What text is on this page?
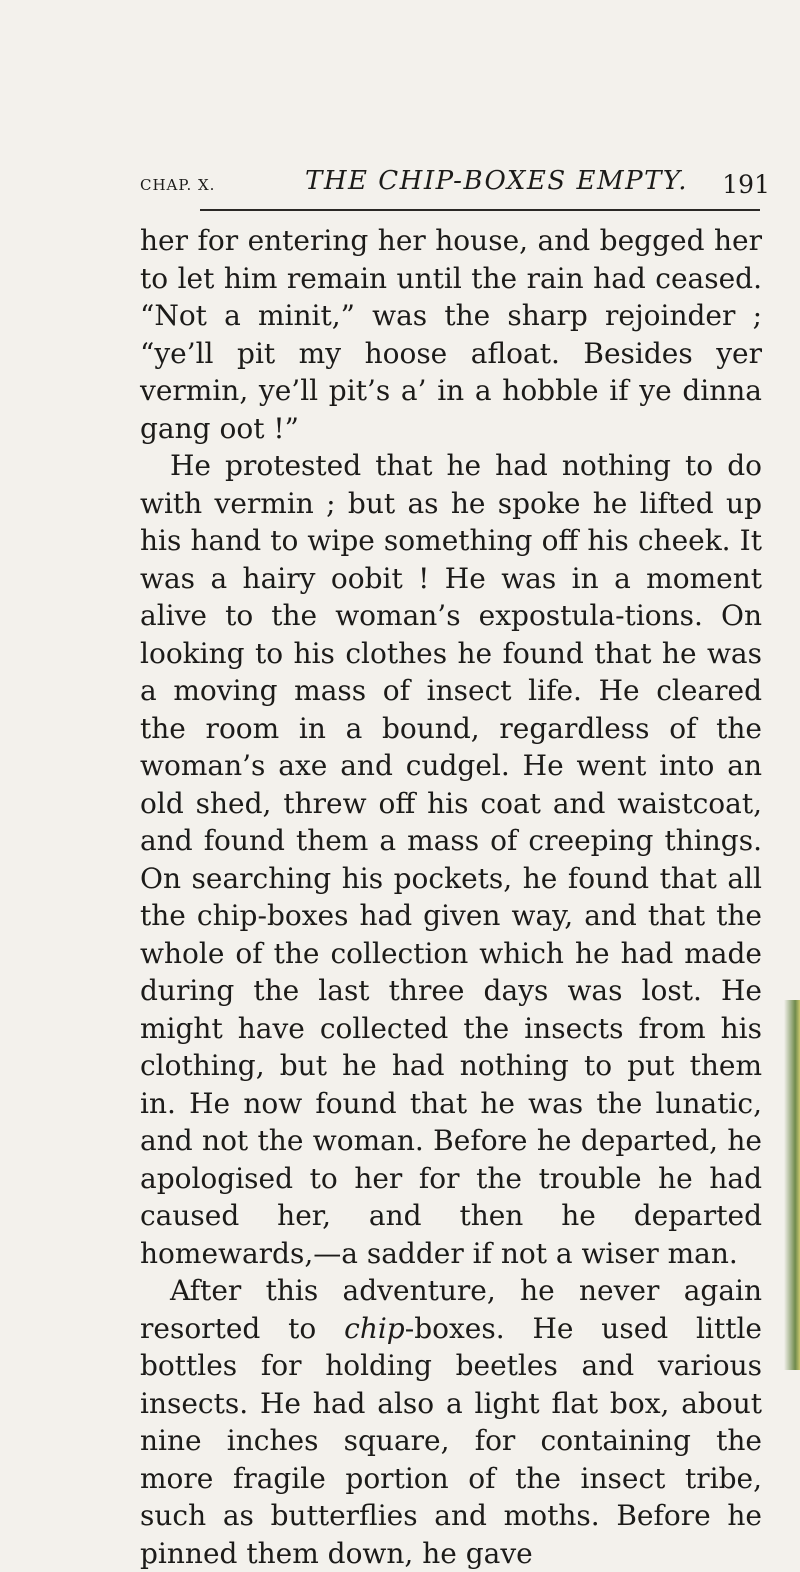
CHAP. X.	THE CHIP-BOXES EMPTY. 191

her for entering her house, and begged her to let him remain until the rain had ceased. “Not a minit,” was the sharp rejoinder ; “ye’ll pit my hoose afloat. Besides yer vermin, ye’ll pit’s a’ in a hobble if ye dinna gang oot !”

He protested that he had nothing to do with vermin ; but as he spoke he lifted up his hand to wipe something off his cheek. It was a hairy oobit ! He was in a moment alive to the woman’s expostula-tions. On looking to his clothes he found that he was a moving mass of insect life. He cleared the room in a bound, regardless of the woman’s axe and cudgel. He went into an old shed, threw off his coat and waistcoat, and found them a mass of creeping things. On searching his pockets, he found that all the chip-boxes had given way, and that the whole of the collection which he had made during the last three days was lost. He might have collected the insects from his clothing, but he had nothing to put them in. He now found that he was the lunatic, and not the woman. Before he departed, he apologised to her for the trouble he had caused her, and then he departed homewards,—a sadder if not a wiser man.

After this adventure, he never again resorted to chip-boxes. He used little bottles for holding beetles and various insects. He had also a light flat box, about nine inches square, for containing the more fragile portion of the insect tribe, such as butterflies and moths. Before he pinned them down, he gave
